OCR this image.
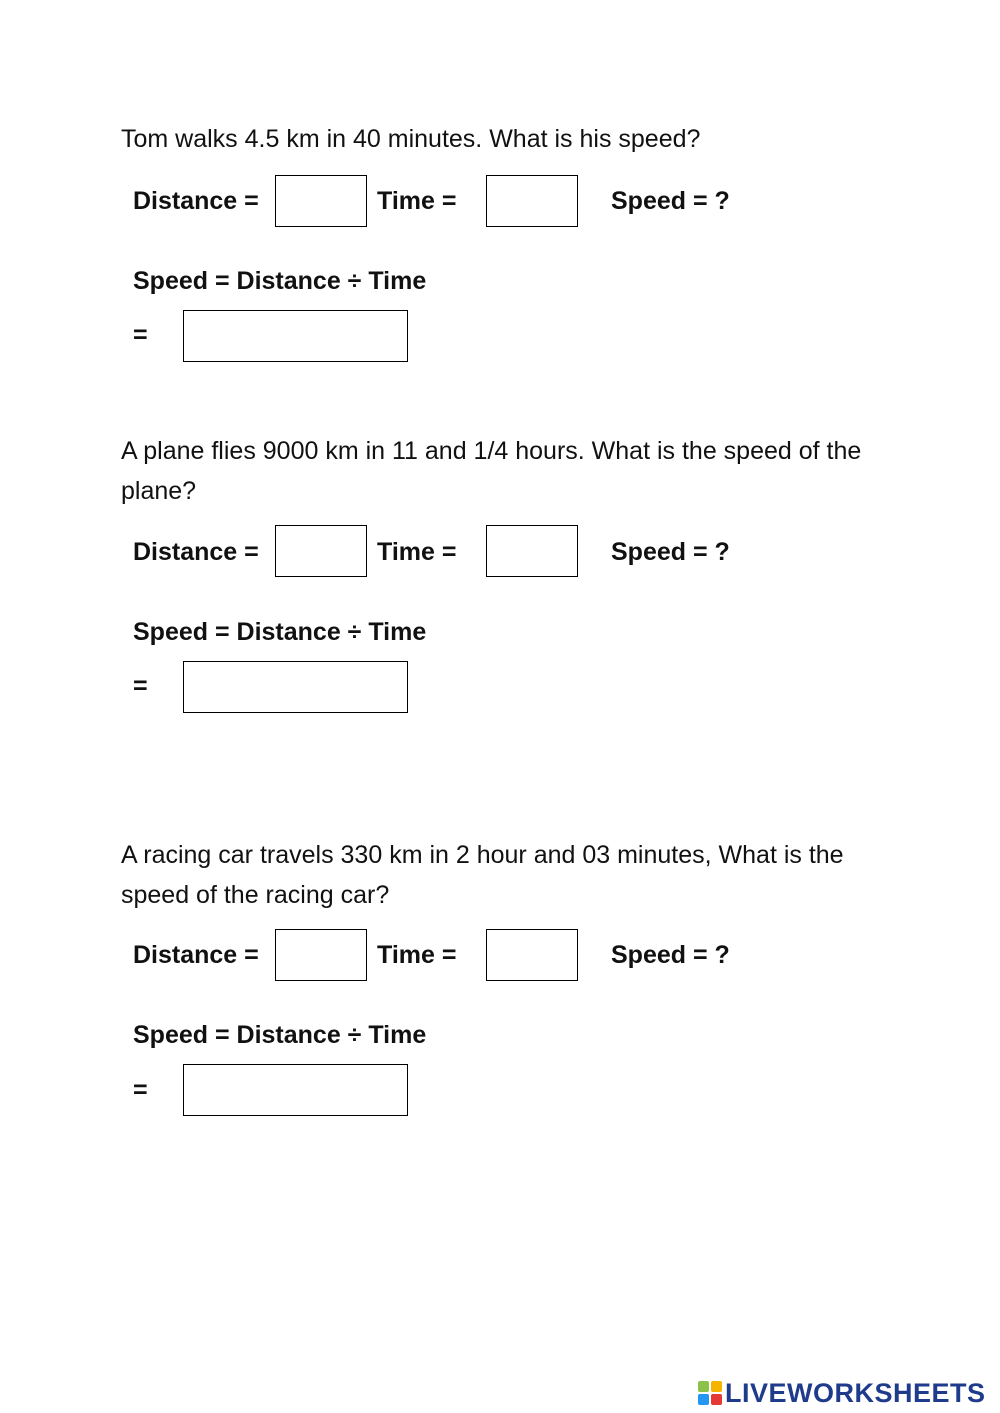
Tom walks 4.5 km in 40 minutes. What is his speed?

Distance =	Time =	Speed = ?
Speed = Distance ÷ Time
=

A plane flies 9000 km in 11 and 1/4 hours. What is the speed of the plane?

Distance =	Time =	Speed = ?
Speed = Distance ÷ Time
=

A racing car travels 330 km in 2 hour and 03 minutes, What is the speed of the racing car?

Distance =	Time =	Speed = ?
Speed = Distance ÷ Time
=
LIVEWORKSHEETS
